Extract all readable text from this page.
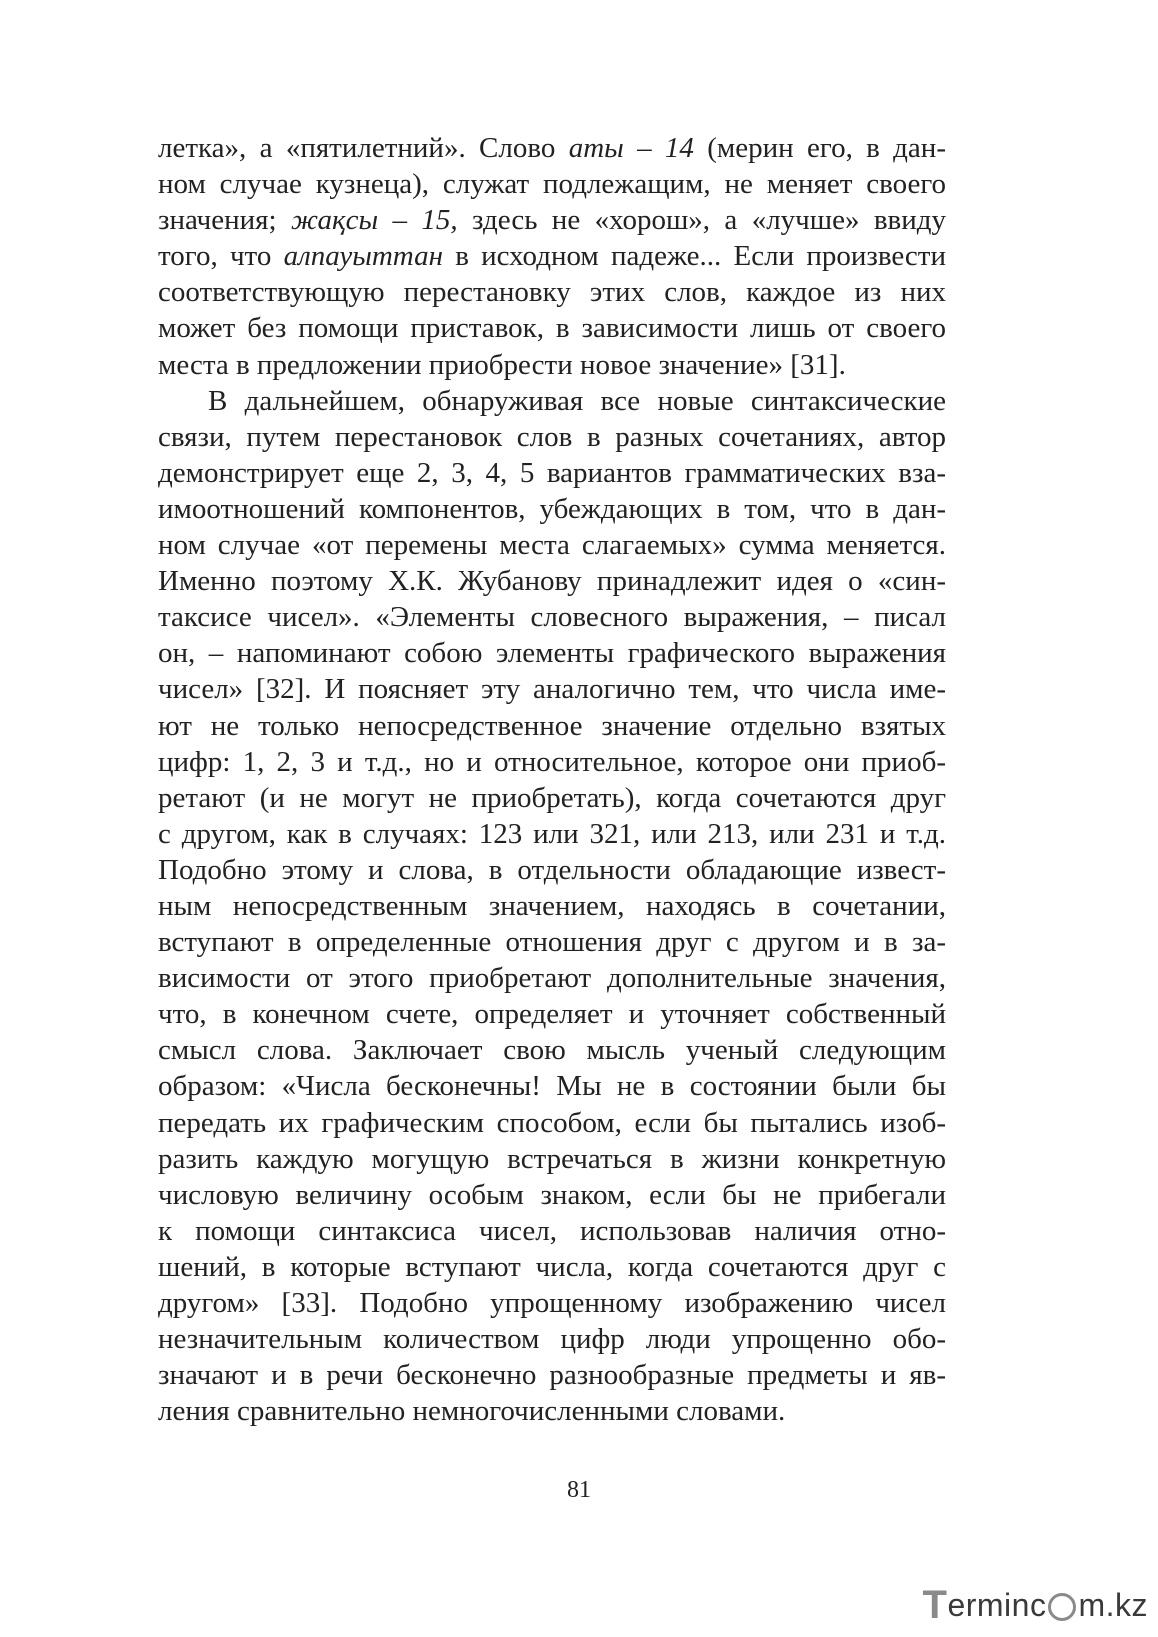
летка», а «пятилетний». Слово аты – 14 (мерин его, в дан-
ном случае кузнеца), служат подлежащим, не меняет своего
значения; жақсы – 15, здесь не «хорош», а «лучше» ввиду
того, что алпауыттан в исходном падеже... Если произвести
соответствующую перестановку этих слов, каждое из них
может без помощи приставок, в зависимости лишь от своего
места в предложении приобрести новое значение» [31].
В дальнейшем, обнаруживая все новые синтаксические
связи, путем перестановок слов в разных сочетаниях, автор
демонстрирует еще 2, 3, 4, 5 вариантов грамматических вза-
имоотношений компонентов, убеждающих в том, что в дан-
ном случае «от перемены места слагаемых» сумма меняется.
Именно поэтому Х.К. Жубанову принадлежит идея о «син-
таксисе чисел». «Элементы словесного выражения, – писал
он, – напоминают собою элементы графического выражения
чисел» [32]. И поясняет эту аналогично тем, что числа име-
ют не только непосредственное значение отдельно взятых
цифр: 1, 2, 3 и т.д., но и относительное, которое они приоб-
ретают (и не могут не приобретать), когда сочетаются друг
с другом, как в случаях: 123 или 321, или 213, или 231 и т.д.
Подобно этому и слова, в отдельности обладающие извест-
ным непосредственным значением, находясь в сочетании,
вступают в определенные отношения друг с другом и в за-
висимости от этого приобретают дополнительные значения,
что, в конечном счете, определяет и уточняет собственный
смысл слова. Заключает свою мысль ученый следующим
образом: «Числа бесконечны! Мы не в состоянии были бы
передать их графическим способом, если бы пытались изоб-
разить каждую могущую встречаться в жизни конкретную
числовую величину особым знаком, если бы не прибегали
к помощи синтаксиса чисел, использовав наличия отно-
шений, в которые вступают числа, когда сочетаются друг с
другом» [33]. Подобно упрощенному изображению чисел
незначительным количеством цифр люди упрощенно обо-
значают и в речи бесконечно разнообразные предметы и яв-
ления сравнительно немногочисленными словами.
81
T erminc m.kz
